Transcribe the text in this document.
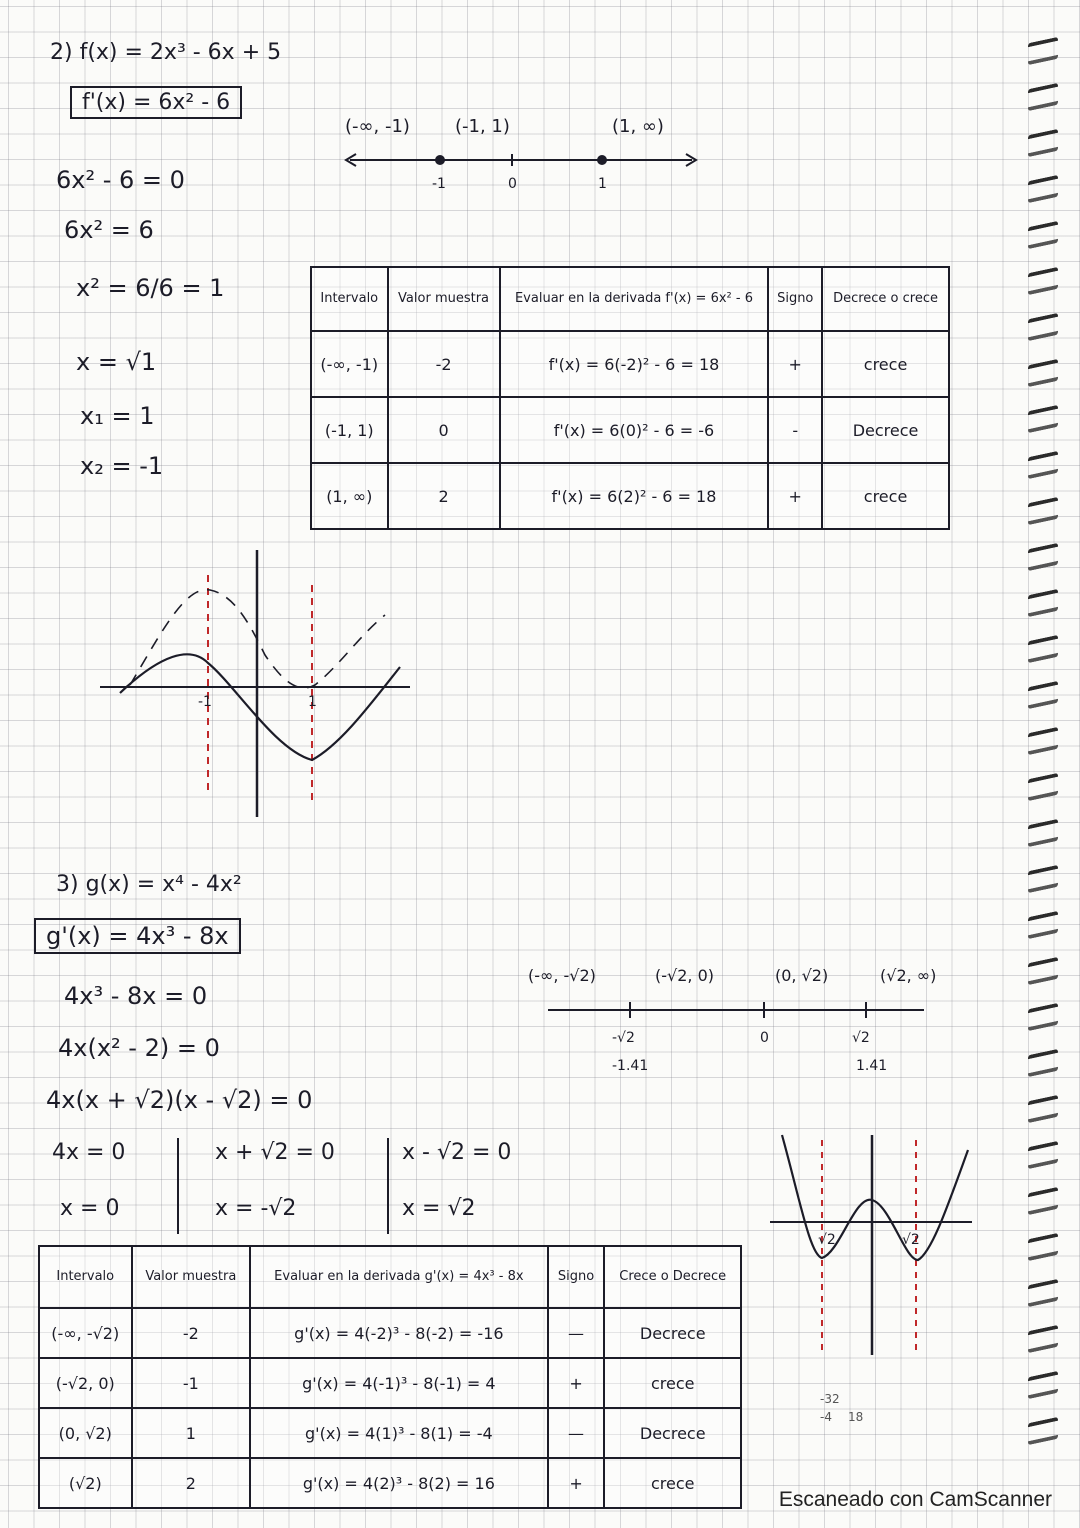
2) f(x) = 2x³ - 6x + 5
f'(x) = 6x² - 6
6x² - 6 = 0
6x² = 6
x² = 6/6 = 1
x = √1
x₁ = 1
x₂ = -1
(-∞, -1)	(-1, 1)	(1, ∞)
-1	0	1
Intervalo	Valor muestra	Evaluar en la derivada f'(x) = 6x² - 6	Signo	Decrece o crece
(-∞, -1)	-2	f'(x) = 6(-2)² - 6 = 18	+	crece
(-1, 1)	0	f'(x) = 6(0)² - 6 = -6	-	Decrece
(1, ∞)	2	f'(x) = 6(2)² - 6 = 18	+	crece
-1	1
3) g(x) = x⁴ - 4x²
g'(x) = 4x³ - 8x
4x³ - 8x = 0
4x(x² - 2) = 0
4x(x + √2)(x - √2) = 0
4x = 0
x = 0
x + √2 = 0
x = -√2
x - √2 = 0
x = √2
(-∞, -√2)	(-√2, 0)	(0, √2)	(√2, ∞)
-√2	0	√2
-1.41	1.41
√2	√2
-32
-4 18
Intervalo	Valor muestra	Evaluar en la derivada g'(x) = 4x³ - 8x	Signo	Crece o Decrece
(-∞, -√2)	-2	g'(x) = 4(-2)³ - 8(-2) = -16	—	Decrece
(-√2, 0)	-1	g'(x) = 4(-1)³ - 8(-1) = 4	+	crece
(0, √2)	1	g'(x) = 4(1)³ - 8(1) = -4	—	Decrece
(√2)	2	g'(x) = 4(2)³ - 8(2) = 16	+	crece
Escaneado con CamScanner
